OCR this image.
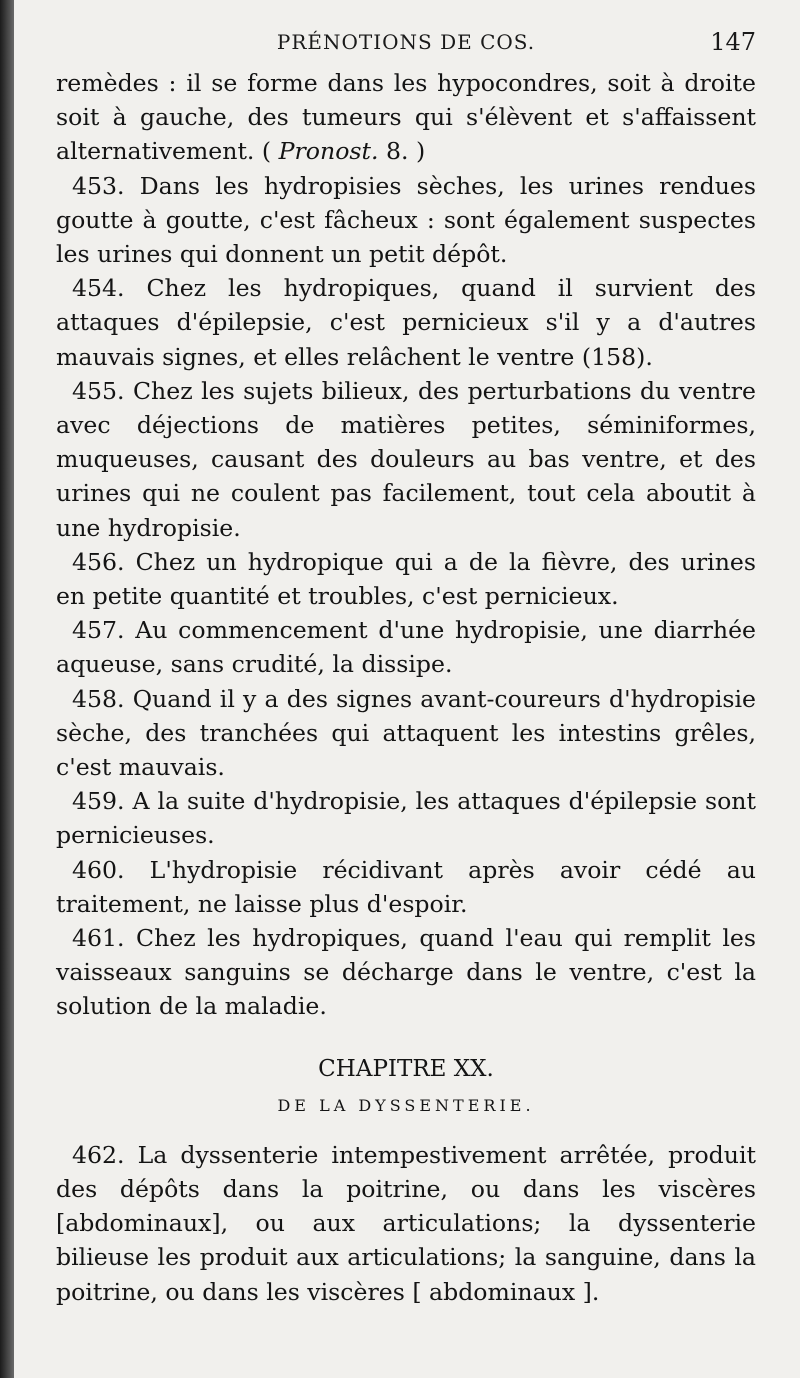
PRÉNOTIONS DE COS.	147

remèdes : il se forme dans les hypocondres, soit à droite soit à gauche, des tumeurs qui s'élèvent et s'affaissent alternativement. ( Pronost. 8. )

453. Dans les hydropisies sèches, les urines rendues goutte à goutte, c'est fâcheux : sont également suspectes les urines qui donnent un petit dépôt.

454. Chez les hydropiques, quand il survient des attaques d'épilepsie, c'est pernicieux s'il y a d'autres mauvais signes, et elles relâchent le ventre (158).

455. Chez les sujets bilieux, des perturbations du ventre avec déjections de matières petites, séminiformes, muqueuses, causant des douleurs au bas ventre, et des urines qui ne coulent pas facilement, tout cela aboutit à une hydropisie.

456. Chez un hydropique qui a de la fièvre, des urines en petite quantité et troubles, c'est pernicieux.

457. Au commencement d'une hydropisie, une diarrhée aqueuse, sans crudité, la dissipe.

458. Quand il y a des signes avant-coureurs d'hydropisie sèche, des tranchées qui attaquent les intestins grêles, c'est mauvais.

459. A la suite d'hydropisie, les attaques d'épilepsie sont pernicieuses.

460. L'hydropisie récidivant après avoir cédé au traitement, ne laisse plus d'espoir.

461. Chez les hydropiques, quand l'eau qui remplit les vaisseaux sanguins se décharge dans le ventre, c'est la solution de la maladie.

CHAPITRE XX.
DE LA DYSSENTERIE.

462. La dyssenterie intempestivement arrêtée, produit des dépôts dans la poitrine, ou dans les viscères [abdominaux], ou aux articulations; la dyssenterie bilieuse les produit aux articulations; la sanguine, dans la poitrine, ou dans les viscères [ abdominaux ].
